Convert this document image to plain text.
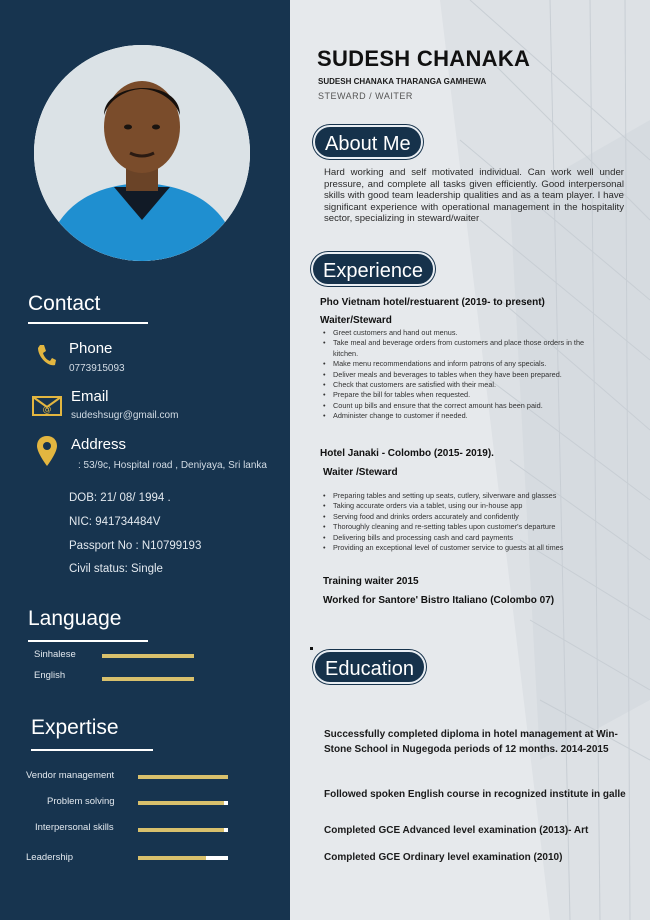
Contact
Phone
0773915093
@
Email
sudeshsugr@gmail.com
Address
: 53/9c, Hospital road , Deniyaya, Sri lanka
DOB: 21/ 08/ 1994 .
NIC: 941734484V
Passport No : N10799193
Civil status: Single
Language
Sinhalese
English
Expertise
Vendor management
Problem solving
Interpersonal skills
Leadership
SUDESH CHANAKA
SUDESH CHANAKA THARANGA GAMHEWA
STEWARD / WAITER
About Me
Hard working and self motivated individual. Can work well under pressure, and complete all tasks given efficiently. Good interpersonal skills with good team leadership qualities and as a team player. I have significant experience with operational management in the hospitality sector, specializing in steward/waiter
Experience
Pho Vietnam hotel/restuarent (2019- to present)
Waiter/Steward
• Greet customers and hand out menus.
• Take meal and beverage orders from customers and place those orders in the kitchen.
• Make menu recommendations and inform patrons of any specials.
• Deliver meals and beverages to tables when they have been prepared.
• Check that customers are satisfied with their meal.
• Prepare the bill for tables when requested.
• Count up bills and ensure that the correct amount has been paid.
• Administer change to customer if needed.
Hotel Janaki - Colombo (2015- 2019).
Waiter /Steward
• Preparing tables and setting up seats, cutlery, silverware and glasses
• Taking accurate orders via a tablet, using our in-house app
• Serving food and drinks orders accurately and confidently
• Thoroughly cleaning and re-setting tables upon customer's departure
• Delivering bills and processing cash and card payments
• Providing an exceptional level of customer service to guests at all times
Training waiter 2015
Worked for Santore' Bistro Italiano (Colombo 07)
Education
Successfully completed diploma in hotel management at Win-Stone School in Nugegoda periods of 12 months. 2014-2015
Followed spoken English course in recognized institute in galle
Completed GCE Advanced level examination (2013)- Art
Completed GCE Ordinary level examination (2010)
